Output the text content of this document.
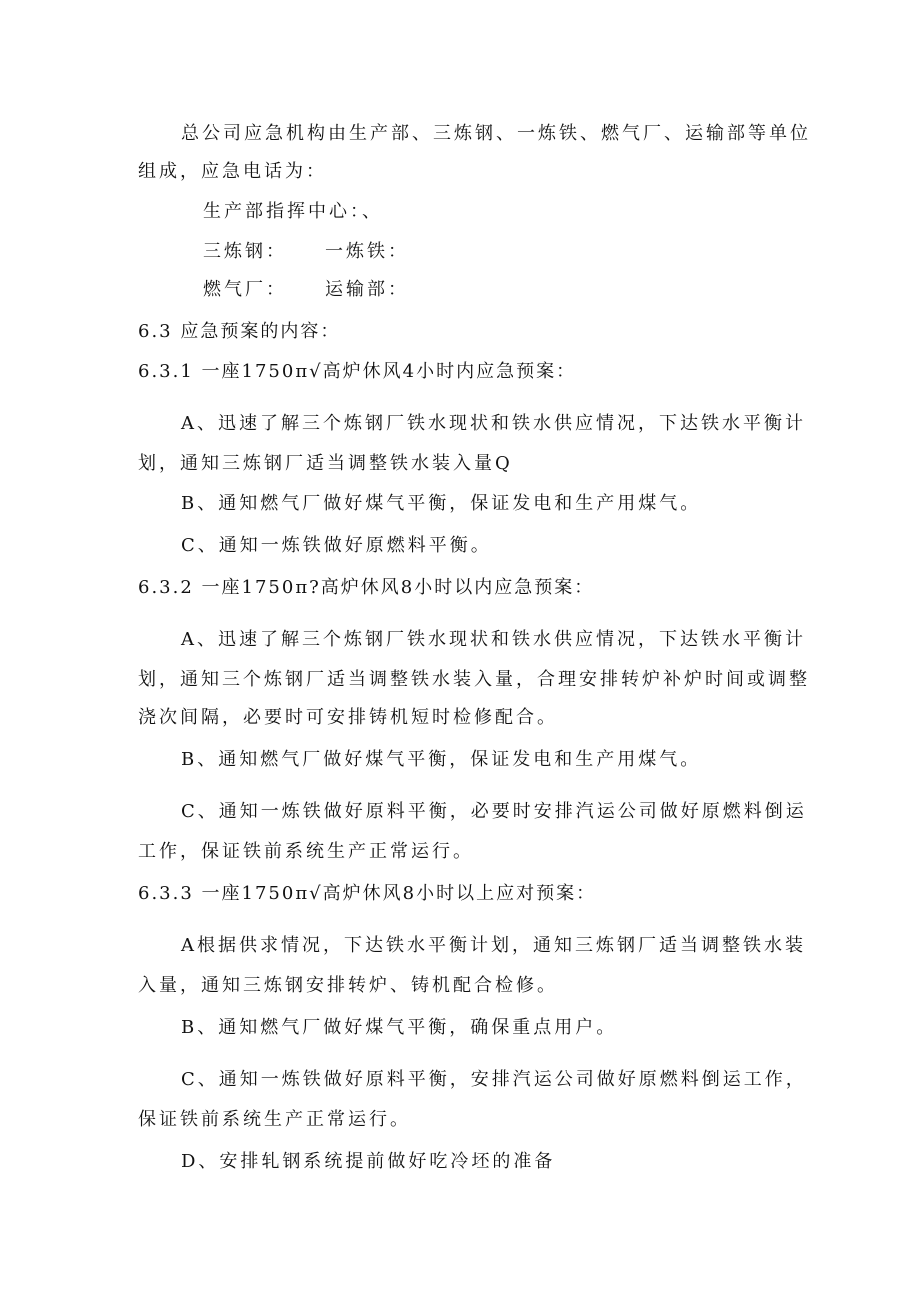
总公司应急机构由生产部、三炼钢、一炼铁、燃气厂、运输部等单位
组成，应急电话为：
生产部指挥中心：、
三炼钢： 一炼铁：
燃气厂： 运输部：
6.3 应急预案的内容：
6.3.1 一座1750π√高炉休风4小时内应急预案：
A、迅速了解三个炼钢厂铁水现状和铁水供应情况，下达铁水平衡计
划，通知三炼钢厂适当调整铁水装入量Q
B、通知燃气厂做好煤气平衡，保证发电和生产用煤气。
C、通知一炼铁做好原燃料平衡。
6.3.2 一座1750π?高炉休风8小时以内应急预案：
A、迅速了解三个炼钢厂铁水现状和铁水供应情况，下达铁水平衡计
划，通知三个炼钢厂适当调整铁水装入量，合理安排转炉补炉时间或调整
浇次间隔，必要时可安排铸机短时检修配合。
B、通知燃气厂做好煤气平衡，保证发电和生产用煤气。
C、通知一炼铁做好原料平衡，必要时安排汽运公司做好原燃料倒运
工作，保证铁前系统生产正常运行。
6.3.3 一座1750π√高炉休风8小时以上应对预案：
A根据供求情况，下达铁水平衡计划，通知三炼钢厂适当调整铁水装
入量，通知三炼钢安排转炉、铸机配合检修。
B、通知燃气厂做好煤气平衡，确保重点用户。
C、通知一炼铁做好原料平衡，安排汽运公司做好原燃料倒运工作，
保证铁前系统生产正常运行。
D、安排轧钢系统提前做好吃冷坯的准备
